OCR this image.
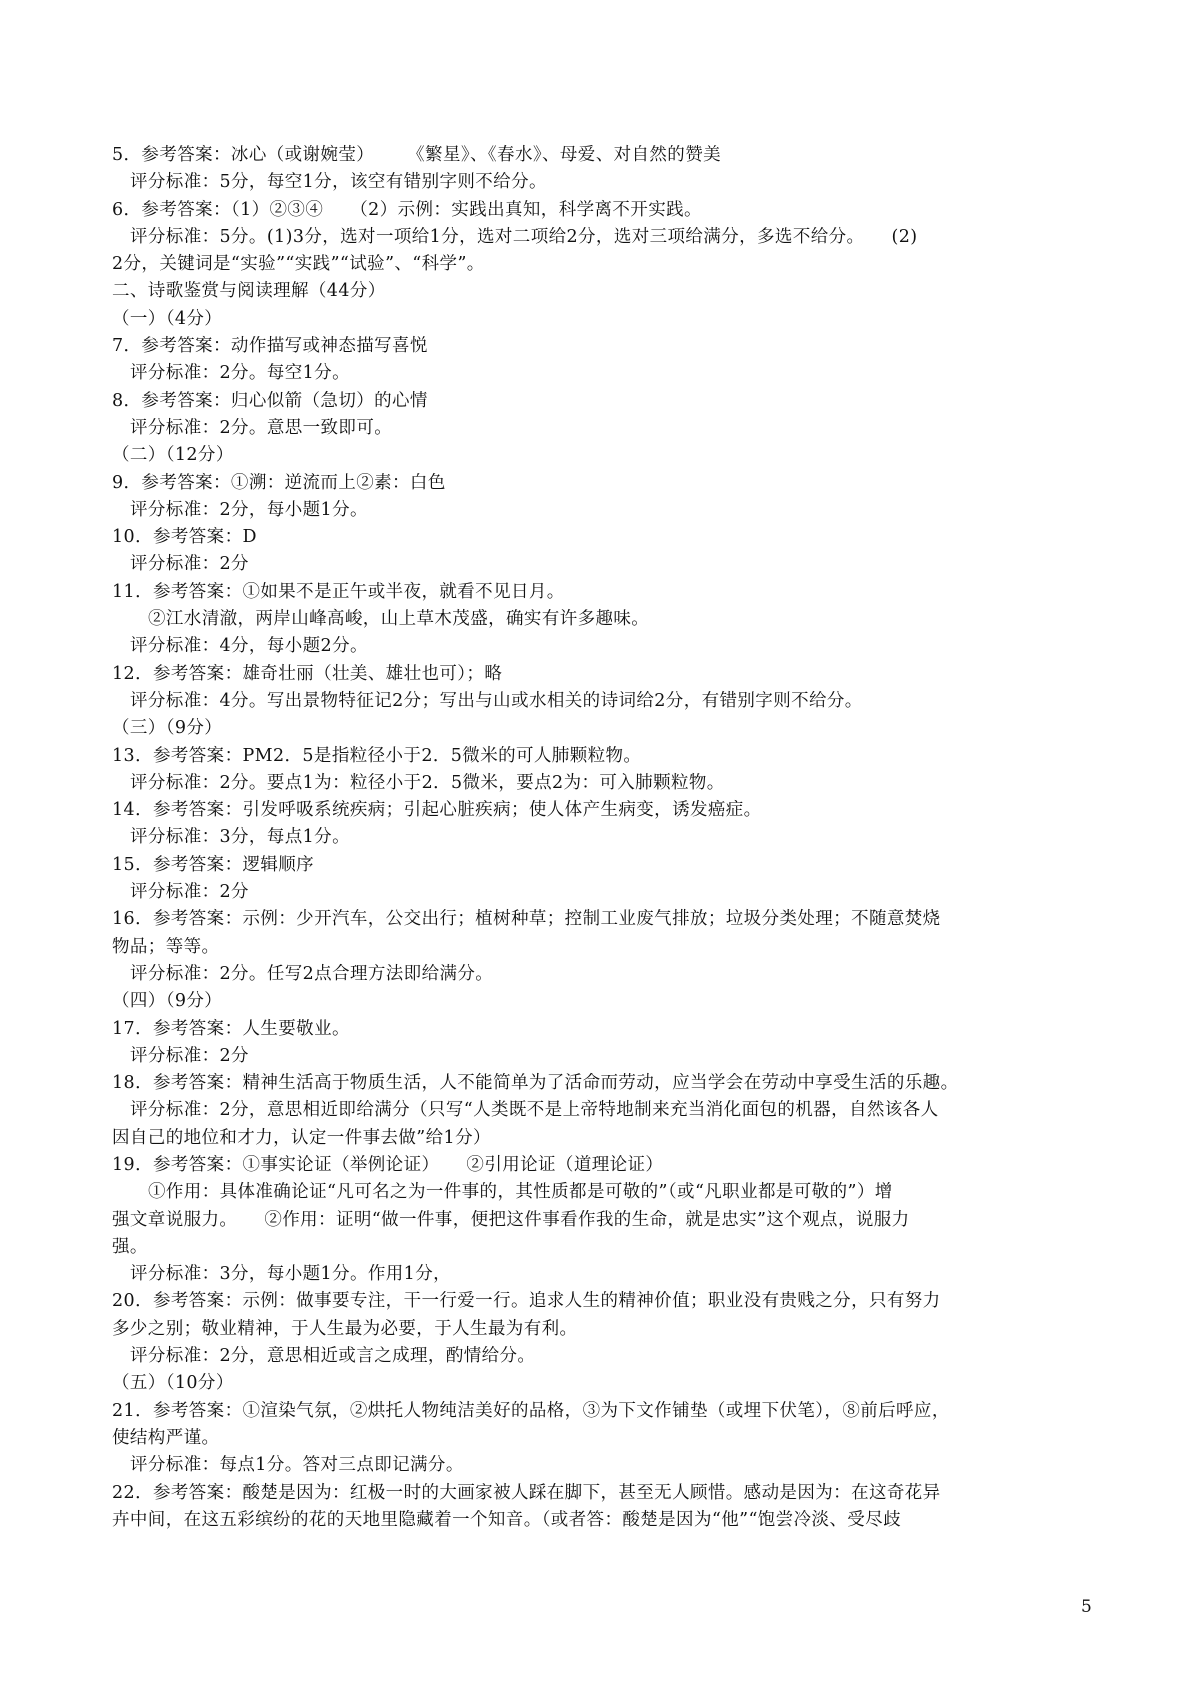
5．参考答案：冰心（或谢婉莹）　　 《繁星》、《春水》、母爱、对自然的赞美

评分标准：5分，每空1分，该空有错别字则不给分。

6．参考答案：（1）②③④　　（2）示例：实践出真知，科学离不开实践。

评分标准：5分。(1)3分，选对一项给1分，选对二项给2分，选对三项给满分，多选不给分。　　(2)

2分，关键词是“实验”“实践”“试验”、“科学”。

二、诗歌鉴赏与阅读理解（44分）

（一）（4分）

7．参考答案：动作描写或神态描写喜悦

评分标准：2分。每空1分。

8．参考答案：归心似箭（急切）的心情

评分标准：2分。意思一致即可。

（二）（12分）

9．参考答案：①溯：逆流而上②素：白色

评分标准：2分，每小题1分。

10．参考答案：D

评分标准：2分

11．参考答案：①如果不是正午或半夜，就看不见日月。

②江水清澈，两岸山峰高峻，山上草木茂盛，确实有许多趣味。

评分标准：4分，每小题2分。

12．参考答案：雄奇壮丽（壮美、雄壮也可）；略

评分标准：4分。写出景物特征记2分；写出与山或水相关的诗词给2分，有错别字则不给分。

（三）（9分）

13．参考答案：PM2．5是指粒径小于2．5微米的可人肺颗粒物。

评分标准：2分。要点1为：粒径小于2．5微米，要点2为：可入肺颗粒物。

14．参考答案：引发呼吸系统疾病；引起心脏疾病；使人体产生病变，诱发癌症。

评分标准：3分，每点1分。

15．参考答案：逻辑顺序

评分标准：2分

16．参考答案：示例：少开汽车，公交出行；植树种草；控制工业废气排放；垃圾分类处理；不随意焚烧

物品；等等。

评分标准：2分。任写2点合理方法即给满分。

（四）（9分）

17．参考答案：人生要敬业。

评分标准：2分

18．参考答案：精神生活高于物质生活，人不能简单为了活命而劳动，应当学会在劳动中享受生活的乐趣。

评分标准：2分，意思相近即给满分（只写“人类既不是上帝特地制来充当消化面包的机器，自然该各人

因自己的地位和才力，认定一件事去做”给1分）

19．参考答案：①事实论证（举例论证）　　②引用论证（道理论证）

①作用：具体准确论证“凡可名之为一件事的，其性质都是可敬的”（或“凡职业都是可敬的”）增

强文章说服力。　　②作用：证明“做一件事，便把这件事看作我的生命，就是忠实”这个观点，说服力

强。

评分标准：3分，每小题1分。作用1分，

20．参考答案：示例：做事要专注，干一行爱一行。追求人生的精神价值；职业没有贵贱之分，只有努力

多少之别；敬业精神，于人生最为必要，于人生最为有利。

评分标准：2分，意思相近或言之成理，酌情给分。

（五）（10分）

21．参考答案：①渲染气氛，②烘托人物纯洁美好的品格，③为下文作铺垫（或埋下伏笔），⑧前后呼应，

使结构严谨。

评分标准：每点1分。答对三点即记满分。

22．参考答案：酸楚是因为：红极一时的大画家被人踩在脚下，甚至无人顾惜。感动是因为：在这奇花异

卉中间，在这五彩缤纷的花的天地里隐藏着一个知音。（或者答：酸楚是因为“他”“饱尝冷淡、受尽歧

5
